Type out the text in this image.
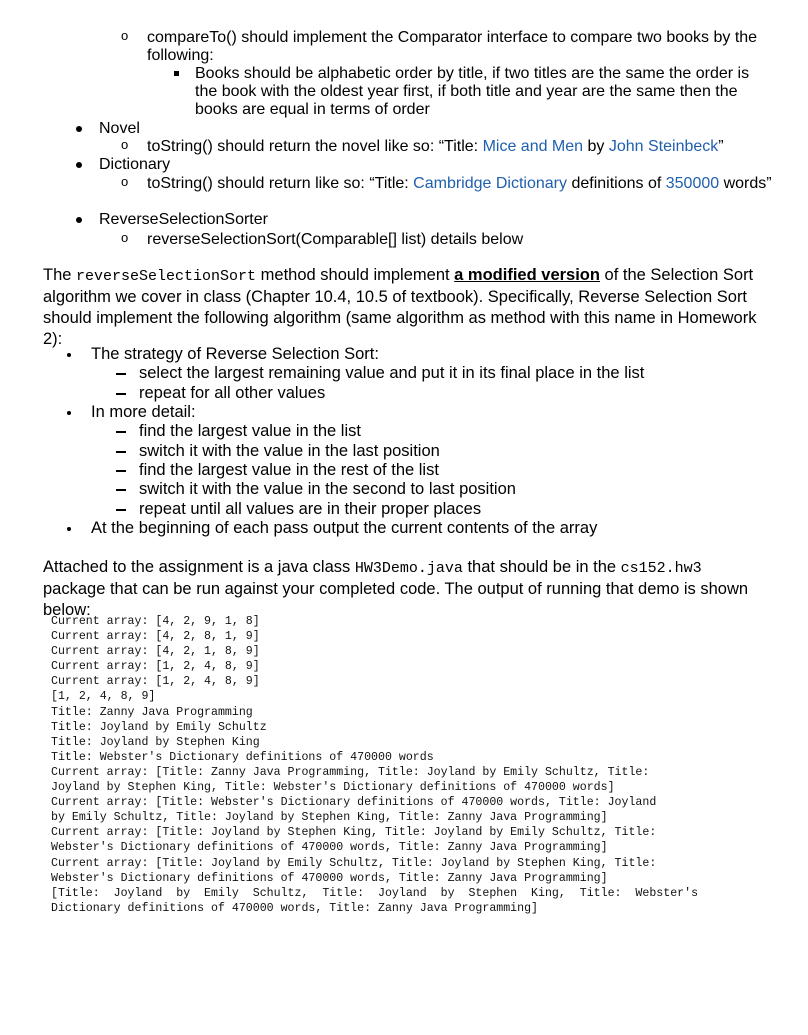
o compareTo() should implement the Comparator interface to compare two books by the following:
Books should be alphabetic order by title, if two titles are the same the order is the book with the oldest year first, if both title and year are the same then the books are equal in terms of order
Novel
o toString() should return the novel like so: “Title: Mice and Men by John Steinbeck”
Dictionary
o toString() should return like so: “Title: Cambridge Dictionary definitions of 350000 words”
ReverseSelectionSorter
o reverseSelectionSort(Comparable[] list) details below
The reverseSelectionSort method should implement a modified version of the Selection Sort algorithm we cover in class (Chapter 10.4, 10.5 of textbook). Specifically, Reverse Selection Sort should implement the following algorithm (same algorithm as method with this name in Homework 2):
The strategy of Reverse Selection Sort:
select the largest remaining value and put it in its final place in the list
repeat for all other values
In more detail:
find the largest value in the list
switch it with the value in the last position
find the largest value in the rest of the list
switch it with the value in the second to last position
repeat until all values are in their proper places
At the beginning of each pass output the current contents of the array
Attached to the assignment is a java class HW3Demo.java that should be in the cs152.hw3 package that can be run against your completed code. The output of running that demo is shown below:
Current array: [4, 2, 9, 1, 8]
Current array: [4, 2, 8, 1, 9]
Current array: [4, 2, 1, 8, 9]
Current array: [1, 2, 4, 8, 9]
Current array: [1, 2, 4, 8, 9]
[1, 2, 4, 8, 9]
Title: Zanny Java Programming
Title: Joyland by Emily Schultz
Title: Joyland by Stephen King
Title: Webster's Dictionary definitions of 470000 words
Current array: [Title: Zanny Java Programming, Title: Joyland by Emily Schultz, Title:
Joyland by Stephen King, Title: Webster's Dictionary definitions of 470000 words]
Current array: [Title: Webster's Dictionary definitions of 470000 words, Title: Joyland
by Emily Schultz, Title: Joyland by Stephen King, Title: Zanny Java Programming]
Current array: [Title: Joyland by Stephen King, Title: Joyland by Emily Schultz, Title:
Webster's Dictionary definitions of 470000 words, Title: Zanny Java Programming]
Current array: [Title: Joyland by Emily Schultz, Title: Joyland by Stephen King, Title:
Webster's Dictionary definitions of 470000 words, Title: Zanny Java Programming]
[Title:  Joyland  by  Emily  Schultz,  Title:  Joyland  by  Stephen  King,  Title:  Webster's
Dictionary definitions of 470000 words, Title: Zanny Java Programming]
